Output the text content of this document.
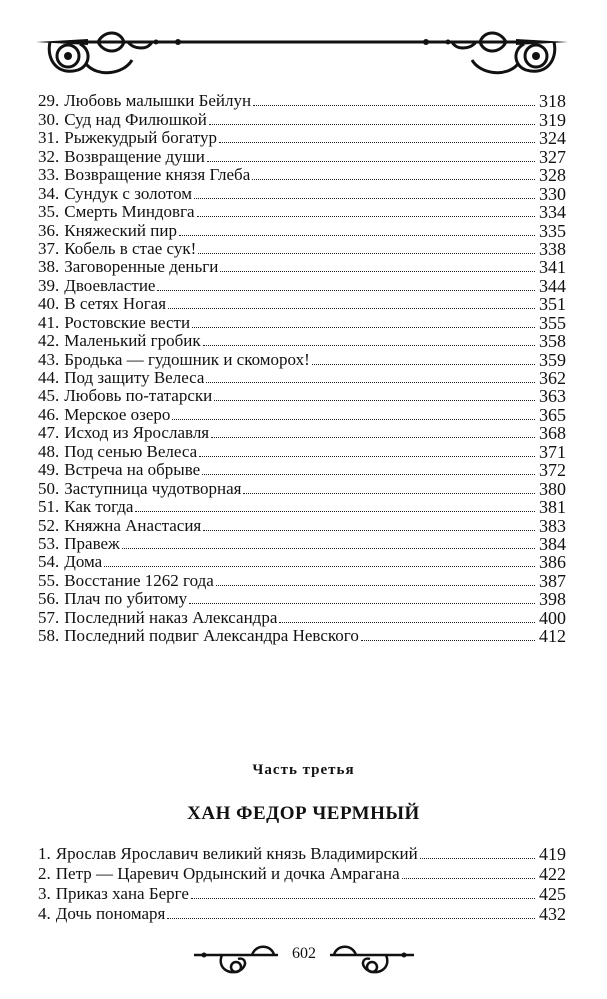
29. Любовь малышки Бейлун	318
30. Суд над Филюшкой	319
31. Рыжекудрый богатур	324
32. Возвращение души	327
33. Возвращение князя Глеба	328
34. Сундук с золотом	330
35. Смерть Миндовга	334
36. Княжеский пир	335
37. Кобель в стае сук!	338
38. Заговоренные деньги	341
39. Двоевластие	344
40. В сетях Ногая	351
41. Ростовские вести	355
42. Маленький гробик	358
43. Бродька — гудошник и скоморох!	359
44. Под защиту Велеса	362
45. Любовь по-татарски	363
46. Мерское озеро	365
47. Исход из Ярославля	368
48. Под сенью Велеса	371
49. Встреча на обрыве	372
50. Заступница чудотворная	380
51. Как тогда	381
52. Княжна Анастасия	383
53. Правеж	384
54. Дома	386
55. Восстание 1262 года	387
56. Плач по убитому	398
57. Последний наказ Александра	400
58. Последний подвиг Александра Невского	412
Часть третья
ХАН ФЕДОР ЧЕРМНЫЙ
1. Ярослав Ярославич великий князь Владимирский	419
2. Петр — Царевич Ордынский и дочка Амрагана	422
3. Приказ хана Берге	425
4. Дочь пономаря	432
602
